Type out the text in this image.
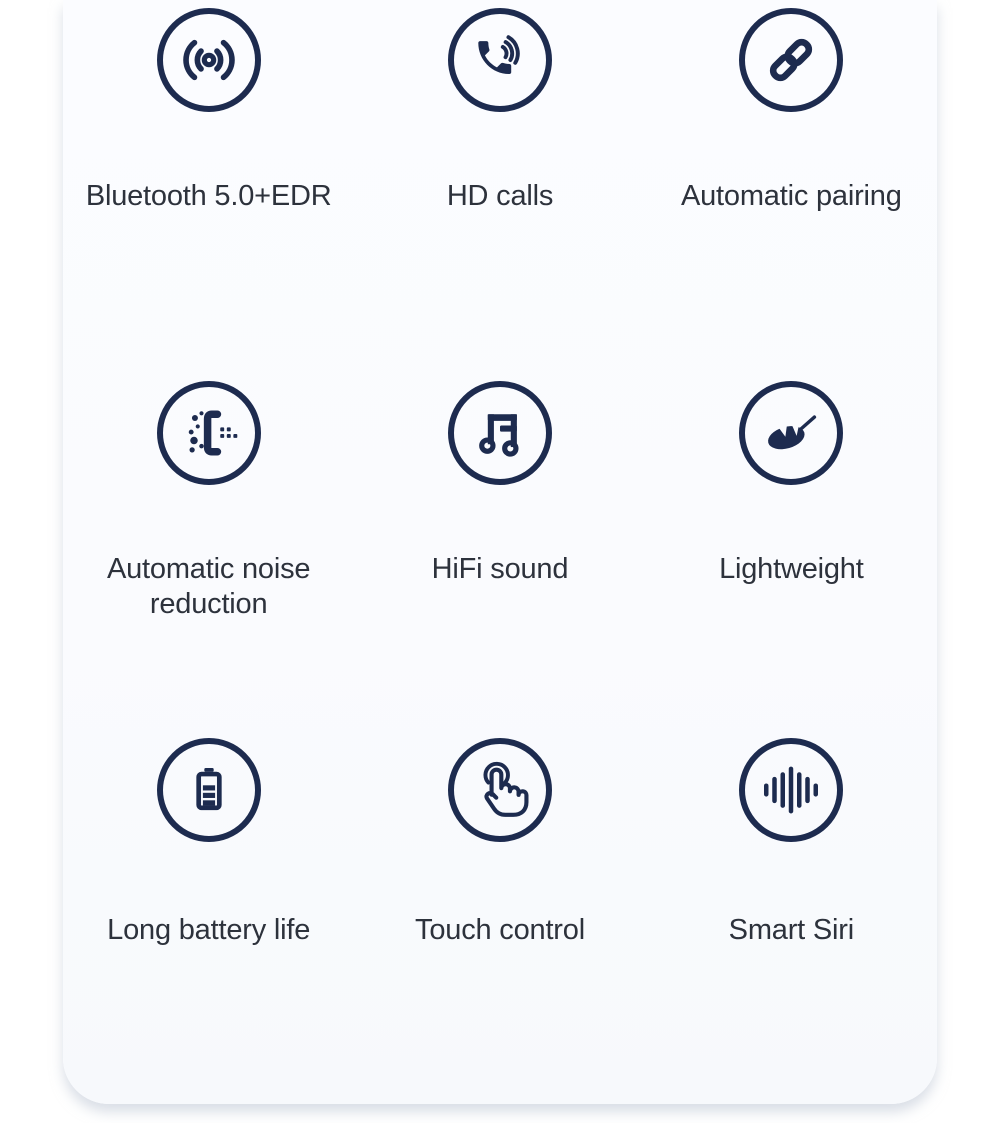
Bluetooth 5.0+EDR	HD calls	Automatic pairing
Automatic noise reduction
HiFi sound	Lightweight
Long battery life	Touch control	Smart Siri
